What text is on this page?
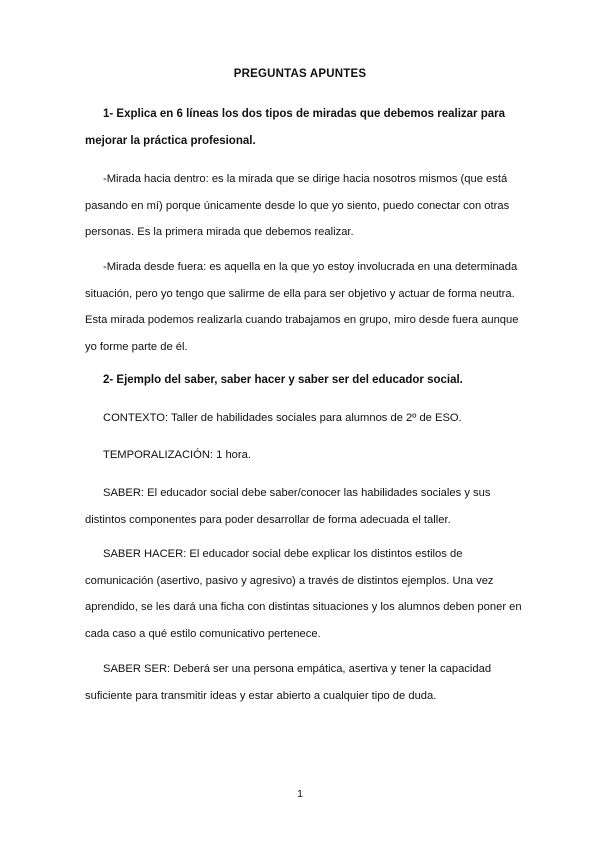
PREGUNTAS APUNTES

1- Explica en 6 líneas los dos tipos de miradas que debemos realizar para mejorar la práctica profesional.

-Mirada hacia dentro: es la mirada que se dirige hacia nosotros mismos (que está pasando en mí) porque únicamente desde lo que yo siento, puedo conectar con otras personas. Es la primera mirada que debemos realizar.

-Mirada desde fuera: es aquella en la que yo estoy involucrada en una determinada situación, pero yo tengo que salirme de ella para ser objetivo y actuar de forma neutra. Esta mirada podemos realizarla cuando trabajamos en grupo, miro desde fuera aunque yo forme parte de él.

2- Ejemplo del saber, saber hacer y saber ser del educador social.

CONTEXTO: Taller de habilidades sociales para alumnos de 2º de ESO.

TEMPORALIZACIÓN: 1 hora.

SABER: El educador social debe saber/conocer las habilidades sociales y sus distintos componentes para poder desarrollar de forma adecuada el taller.

SABER HACER: El educador social debe explicar los distintos estilos de comunicación (asertivo, pasivo y agresivo) a través de distintos ejemplos. Una vez aprendido, se les dará una ficha con distintas situaciones y los alumnos deben poner en cada caso a qué estilo comunicativo pertenece.

SABER SER: Deberá ser una persona empática, asertiva y tener la capacidad suficiente para transmitir ideas y estar abierto a cualquier tipo de duda.

1
